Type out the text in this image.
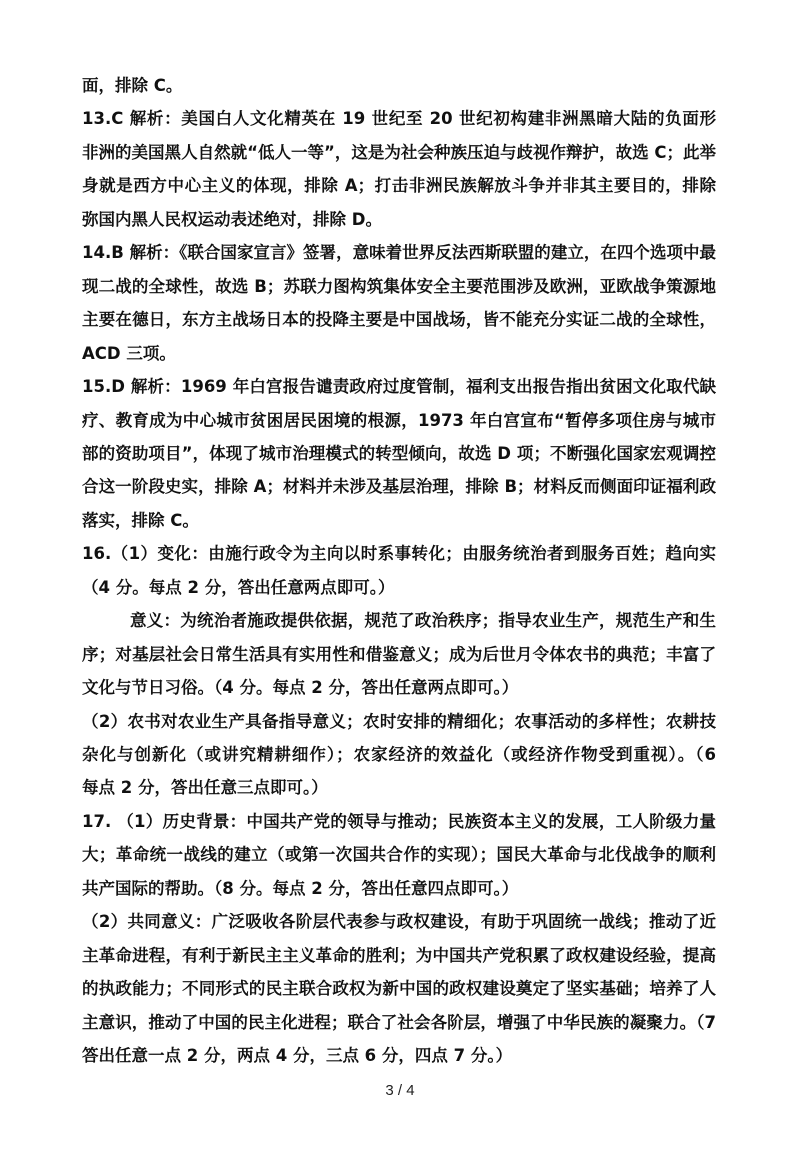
面，排除 C。
13.C 解析：美国白人文化精英在 19 世纪至 20 世纪初构建非洲黑暗大陆的负面形
非洲的美国黑人自然就“低人一等”，这是为社会种族压迫与歧视作辩护，故选 C；此举
身就是西方中心主义的体现，排除 A；打击非洲民族解放斗争并非其主要目的，排除
弥国内黑人民权运动表述绝对，排除 D。
14.B 解析：《联合国家宣言》签署，意味着世界反法西斯联盟的建立，在四个选项中最
现二战的全球性，故选 B；苏联力图构筑集体安全主要范围涉及欧洲，亚欧战争策源地
主要在德日，东方主战场日本的投降主要是中国战场，皆不能充分实证二战的全球性，
ACD 三项。
15.D 解析：1969 年白宫报告谴责政府过度管制，福利支出报告指出贫困文化取代缺
疗、教育成为中心城市贫困居民困境的根源，1973 年白宫宣布“暂停多项住房与城市
部的资助项目”，体现了城市治理模式的转型倾向，故选 D 项；不断强化国家宏观调控
合这一阶段史实，排除 A；材料并未涉及基层治理，排除 B；材料反而侧面印证福利政
落实，排除 C。
16.（1）变化：由施行政令为主向以时系事转化；由服务统治者到服务百姓；趋向实
（4 分。每点 2 分，答出任意两点即可。）
意义：为统治者施政提供依据，规范了政治秩序；指导农业生产，规范生产和生
序；对基层社会日常生活具有实用性和借鉴意义；成为后世月令体农书的典范；丰富了
文化与节日习俗。（4 分。每点 2 分，答出任意两点即可。）
（2）农书对农业生产具备指导意义；农时安排的精细化；农事活动的多样性；农耕技
杂化与创新化（或讲究精耕细作）；农家经济的效益化（或经济作物受到重视）。（6
每点 2 分，答出任意三点即可。）
17. （1）历史背景：中国共产党的领导与推动；民族资本主义的发展，工人阶级力量
大；革命统一战线的建立（或第一次国共合作的实现）；国民大革命与北伐战争的顺利
共产国际的帮助。（8 分。每点 2 分，答出任意四点即可。）
（2）共同意义：广泛吸收各阶层代表参与政权建设，有助于巩固统一战线；推动了近
主革命进程，有利于新民主主义革命的胜利；为中国共产党积累了政权建设经验，提高
的执政能力；不同形式的民主联合政权为新中国的政权建设奠定了坚实基础；培养了人
主意识，推动了中国的民主化进程；联合了社会各阶层，增强了中华民族的凝聚力。（7
答出任意一点 2 分，两点 4 分，三点 6 分，四点 7 分。）
3 / 4
